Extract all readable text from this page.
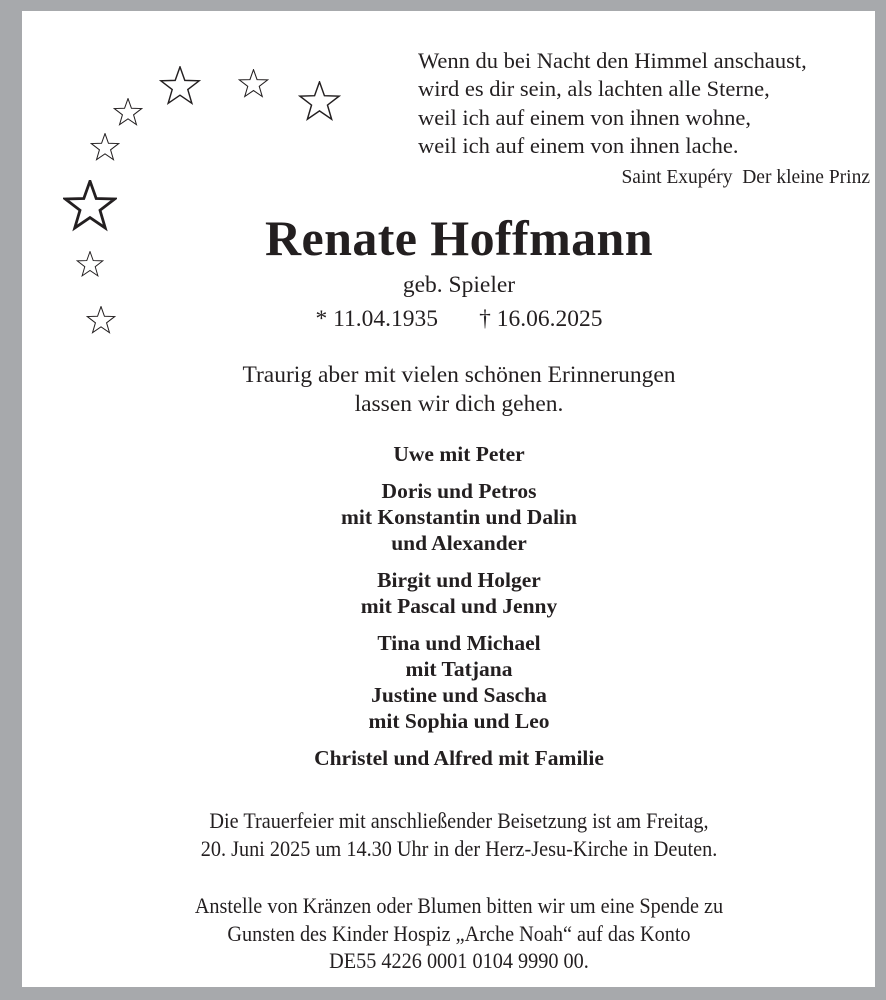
Wenn du bei Nacht den Himmel anschaust,
wird es dir sein, als lachten alle Sterne,
weil ich auf einem von ihnen wohne,
weil ich auf einem von ihnen lache.
Saint Exupéry  Der kleine Prinz
Renate Hoffmann
geb. Spieler
* 11.04.1935       † 16.06.2025
Traurig aber mit vielen schönen Erinnerungen
lassen wir dich gehen.
Uwe mit Peter
Doris und Petros
mit Konstantin und Dalin
und Alexander
Birgit und Holger
mit Pascal und Jenny
Tina und Michael
mit Tatjana
Justine und Sascha
mit Sophia und Leo
Christel und Alfred mit Familie
Die Trauerfeier mit anschließender Beisetzung ist am Freitag,
20. Juni 2025 um 14.30 Uhr in der Herz-Jesu-Kirche in Deuten.
Anstelle von Kränzen oder Blumen bitten wir um eine Spende zu
Gunsten des Kinder Hospiz „Arche Noah“ auf das Konto
DE55 4226 0001 0104 9990 00.
